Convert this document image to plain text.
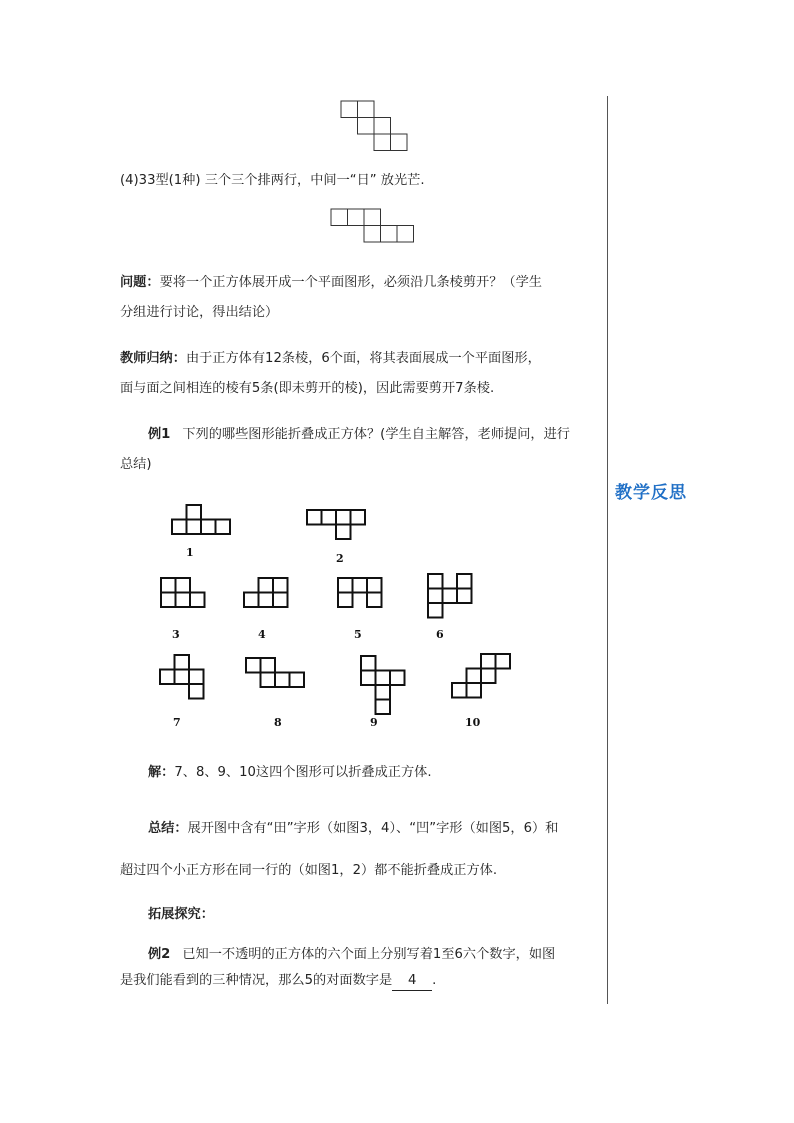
教学反思
(4)33型(1种) 三个三个排两行，中间一“日” 放光芒.
问题：要将一个正方体展开成一个平面图形，必须沿几条棱剪开？（学生
分组进行讨论，得出结论）
教师归纳：由于正方体有12条棱，6个面，将其表面展成一个平面图形，
面与面之间相连的棱有5条(即未剪开的棱)，因此需要剪开7条棱.
例1 下列的哪些图形能折叠成正方体？(学生自主解答，老师提问，进行
总结)
1	2
3	4	5	6
7	8	9	10
解：7、8、9、10这四个图形可以折叠成正方体.
总结：展开图中含有“田”字形（如图3，4）、“凹”字形（如图5，6）和
超过四个小正方形在同一行的（如图1，2）都不能折叠成正方体.
拓展探究：
例2 已知一不透明的正方体的六个面上分别写着1至6六个数字，如图
是我们能看到的三种情况，那么5的对面数字是 4 .
